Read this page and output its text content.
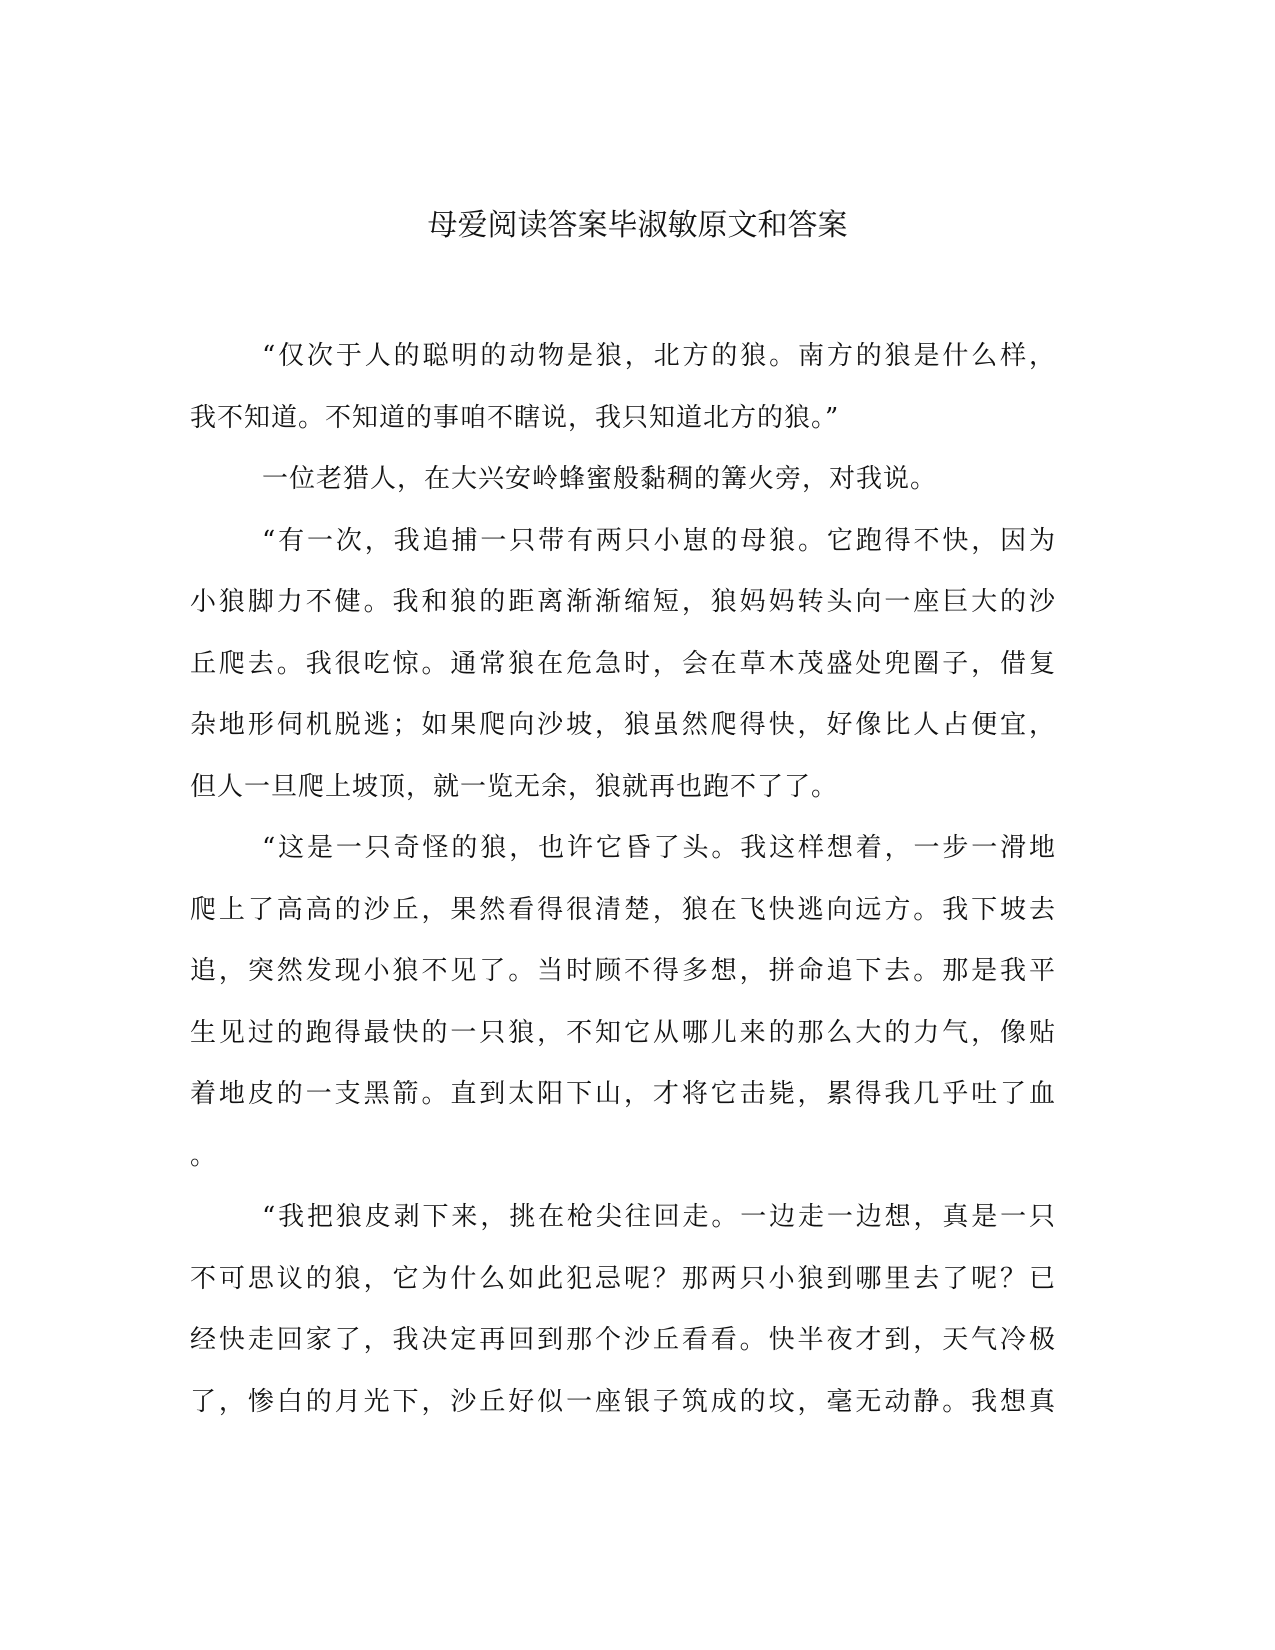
母爱阅读答案毕淑敏原文和答案
“仅次于人的聪明的动物是狼，北方的狼。南方的狼是什么样，
我不知道。不知道的事咱不瞎说，我只知道北方的狼。”
一位老猎人，在大兴安岭蜂蜜般黏稠的篝火旁，对我说。
“有一次，我追捕一只带有两只小崽的母狼。它跑得不快，因为
小狼脚力不健。我和狼的距离渐渐缩短，狼妈妈转头向一座巨大的沙
丘爬去。我很吃惊。通常狼在危急时，会在草木茂盛处兜圈子，借复
杂地形伺机脱逃；如果爬向沙坡，狼虽然爬得快，好像比人占便宜，
但人一旦爬上坡顶，就一览无余，狼就再也跑不了了。
“这是一只奇怪的狼，也许它昏了头。我这样想着，一步一滑地
爬上了高高的沙丘，果然看得很清楚，狼在飞快逃向远方。我下坡去
追，突然发现小狼不见了。当时顾不得多想，拼命追下去。那是我平
生见过的跑得最快的一只狼，不知它从哪儿来的那么大的力气，像贴
着地皮的一支黑箭。直到太阳下山，才将它击毙，累得我几乎吐了血
。
“我把狼皮剥下来，挑在枪尖往回走。一边走一边想，真是一只
不可思议的狼，它为什么如此犯忌呢？那两只小狼到哪里去了呢？已
经快走回家了，我决定再回到那个沙丘看看。快半夜才到，天气冷极
了，惨白的月光下，沙丘好似一座银子筑成的坟，毫无动静。我想真
